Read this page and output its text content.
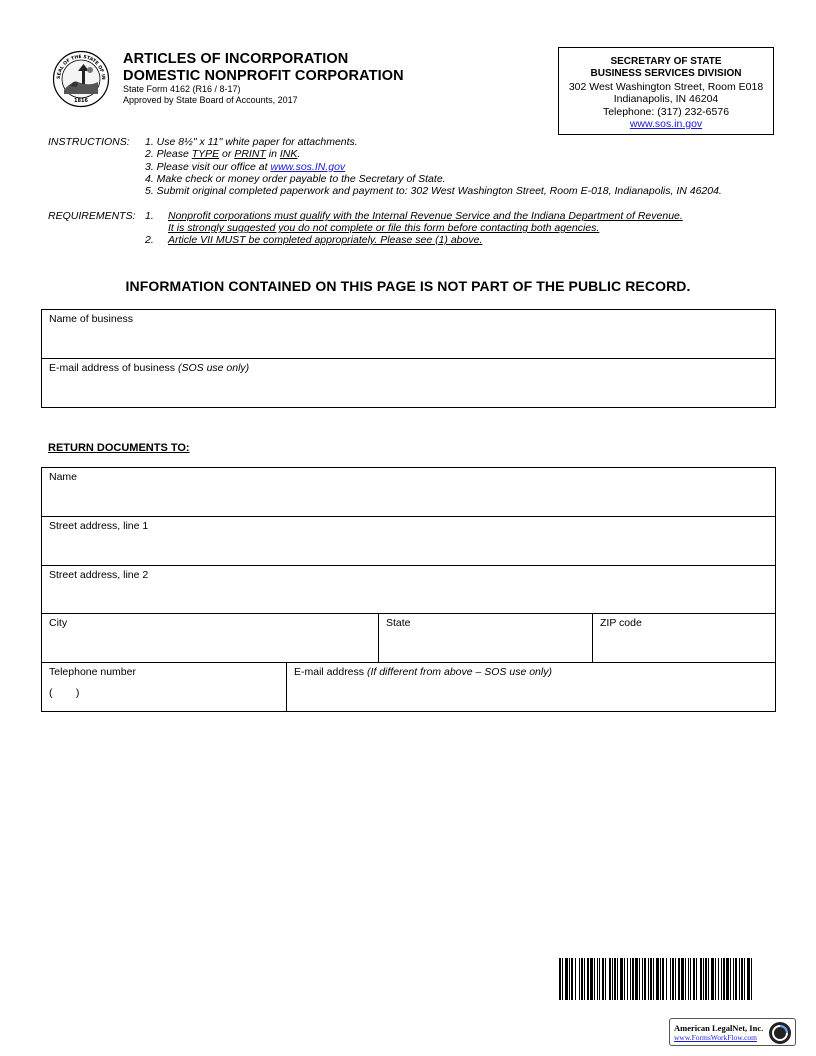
SEAL OF THE STATE OF IN
1816
ARTICLES OF INCORPORATION
DOMESTIC NONPROFIT CORPORATION
State Form 4162 (R16 / 8-17)
Approved by State Board of Accounts, 2017
SECRETARY OF STATE
BUSINESS SERVICES DIVISION
302 West Washington Street, Room E018
Indianapolis, IN 46204
Telephone: (317) 232-6576
www.sos.in.gov
INSTRUCTIONS: 1. Use 8½" x 11" white paper for attachments.
2. Please TYPE or PRINT in INK.
3. Please visit our office at www.sos.IN.gov
4. Make check or money order payable to the Secretary of State.
5. Submit original completed paperwork and payment to: 302 West Washington Street, Room E-018, Indianapolis, IN 46204.
REQUIREMENTS: 1. Nonprofit corporations must qualify with the Internal Revenue Service and the Indiana Department of Revenue.
It is strongly suggested you do not complete or file this form before contacting both agencies.
2. Article VII MUST be completed appropriately. Please see (1) above.
INFORMATION CONTAINED ON THIS PAGE IS NOT PART OF THE PUBLIC RECORD.
Name of business
E-mail address of business (SOS use only)
RETURN DOCUMENTS TO:
Name
Street address, line 1
Street address, line 2
City	State	ZIP code
Telephone number
(        )
E-mail address (If different from above – SOS use only)
American LegalNet, Inc.
www.FormsWorkFlow.com
